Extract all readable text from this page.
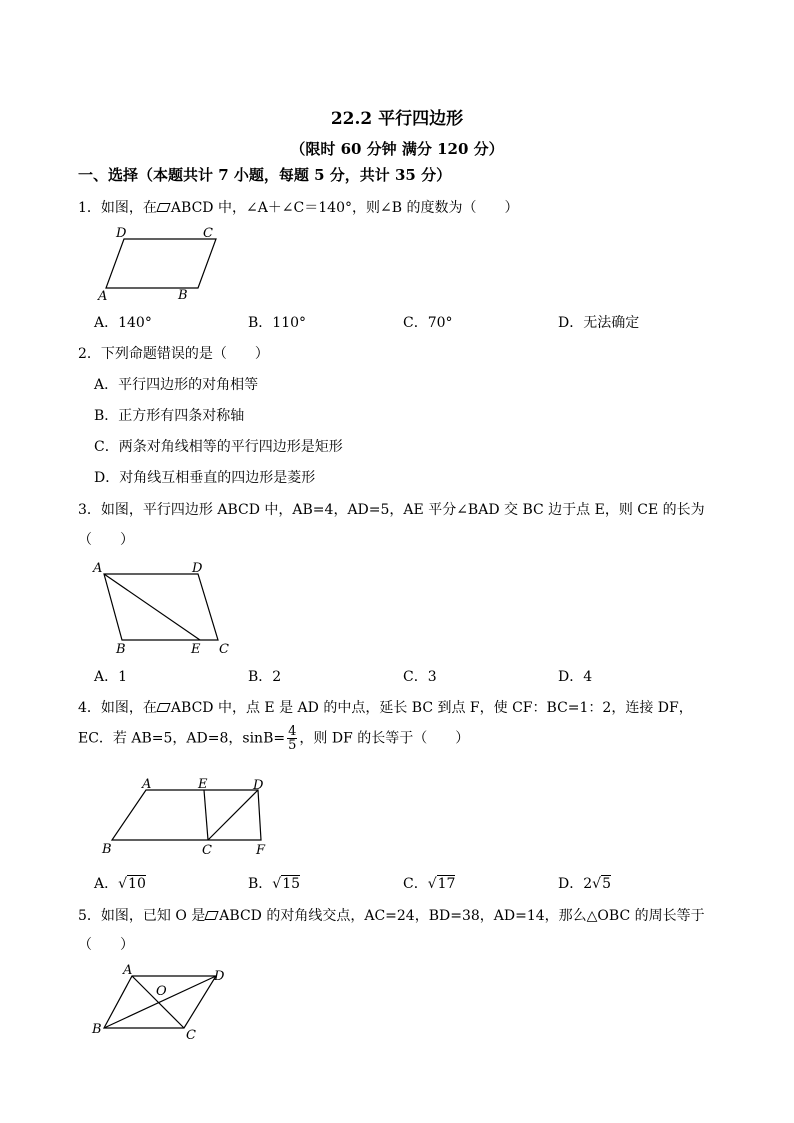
22.2 平行四边形
（限时 60 分钟 满分 120 分）
一、选择（本题共计 7 小题，每题 5 分，共计 35 分）
1．如图，在 ABCD 中，∠A＋∠C＝140°，则∠B 的度数为（　　）
D	C
A	B
A．140°	B．110°	C．70°	D．无法确定
2．下列命题错误的是（　　）
A．平行四边形的对角相等
B．正方形有四条对称轴
C．两条对角线相等的平行四边形是矩形
D．对角线互相垂直的四边形是菱形
3．如图，平行四边形 ABCD 中，AB=4，AD=5，AE 平分∠BAD 交 BC 边于点 E，则 CE 的长为
（　　）
A	D
B	E C
A．1	B．2	C．3	D．4
4．如图，在 ABCD 中，点 E 是 AD 的中点，延长 BC 到点 F，使 CF：BC=1：2，连接 DF，
EC．若 AB=5，AD=8，$\sin B= \frac{4}{5}$ ，则 DF 的长等于（　　）
A	E	D
B	C	F
A．√10	B．√15	C．√17	D．2√5
5．如图，已知 O 是 ABCD 的对角线交点，AC=24，BD=38，AD=14，那么△OBC 的周长等于
（　　）
A	D
O
B	C
